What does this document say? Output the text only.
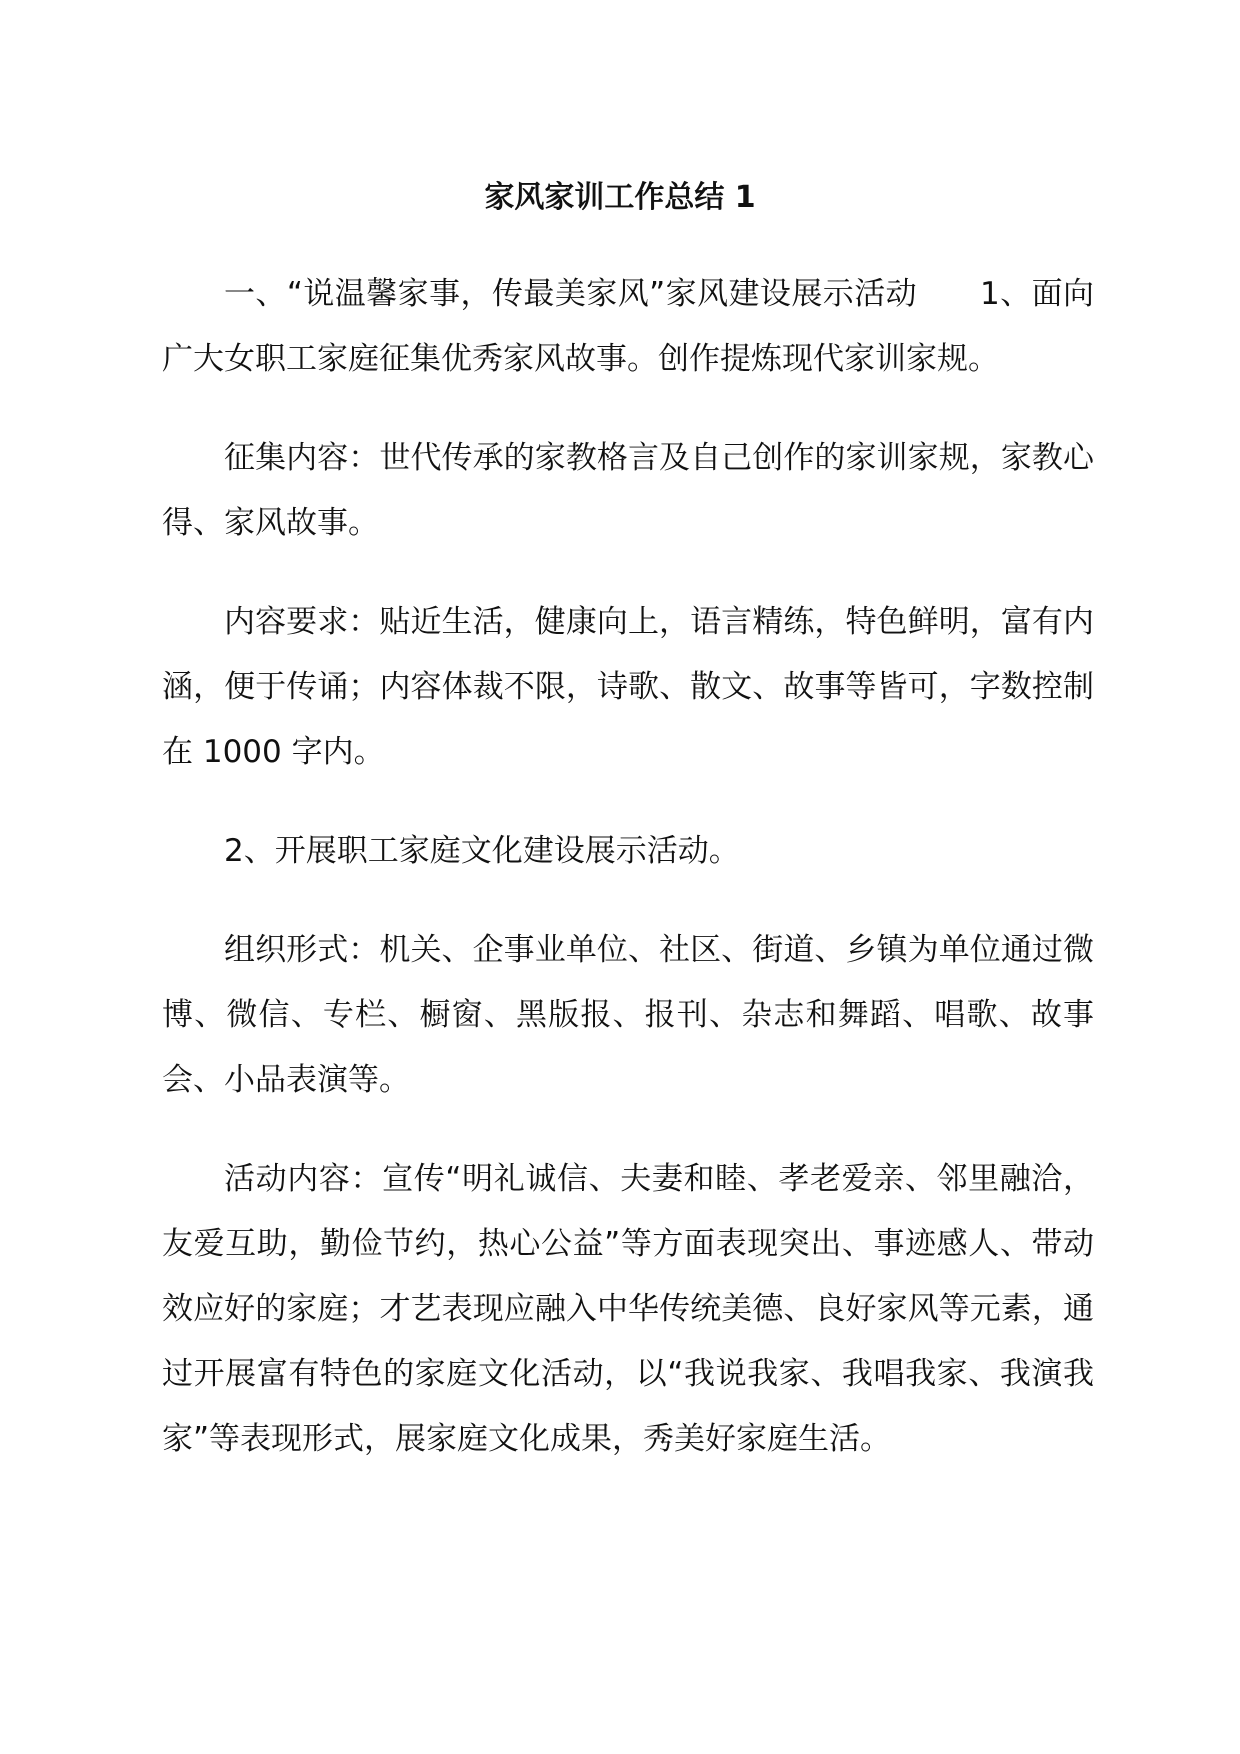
家风家训工作总结 1

一、“说温馨家事，传最美家风”家风建设展示活动　　1、面向广大女职工家庭征集优秀家风故事。创作提炼现代家训家规。

征集内容：世代传承的家教格言及自己创作的家训家规，家教心得、家风故事。

内容要求：贴近生活，健康向上，语言精练，特色鲜明，富有内涵，便于传诵；内容体裁不限，诗歌、散文、故事等皆可，字数控制在 1000 字内。

2、开展职工家庭文化建设展示活动。

组织形式：机关、企事业单位、社区、街道、乡镇为单位通过微博、微信、专栏、橱窗、黑版报、报刊、杂志和舞蹈、唱歌、故事会、小品表演等。

活动内容：宣传“明礼诚信、夫妻和睦、孝老爱亲、邻里融洽，友爱互助，勤俭节约，热心公益”等方面表现突出、事迹感人、带动效应好的家庭；才艺表现应融入中华传统美德、良好家风等元素，通过开展富有特色的家庭文化活动，以“我说我家、我唱我家、我演我家”等表现形式，展家庭文化成果，秀美好家庭生活。
